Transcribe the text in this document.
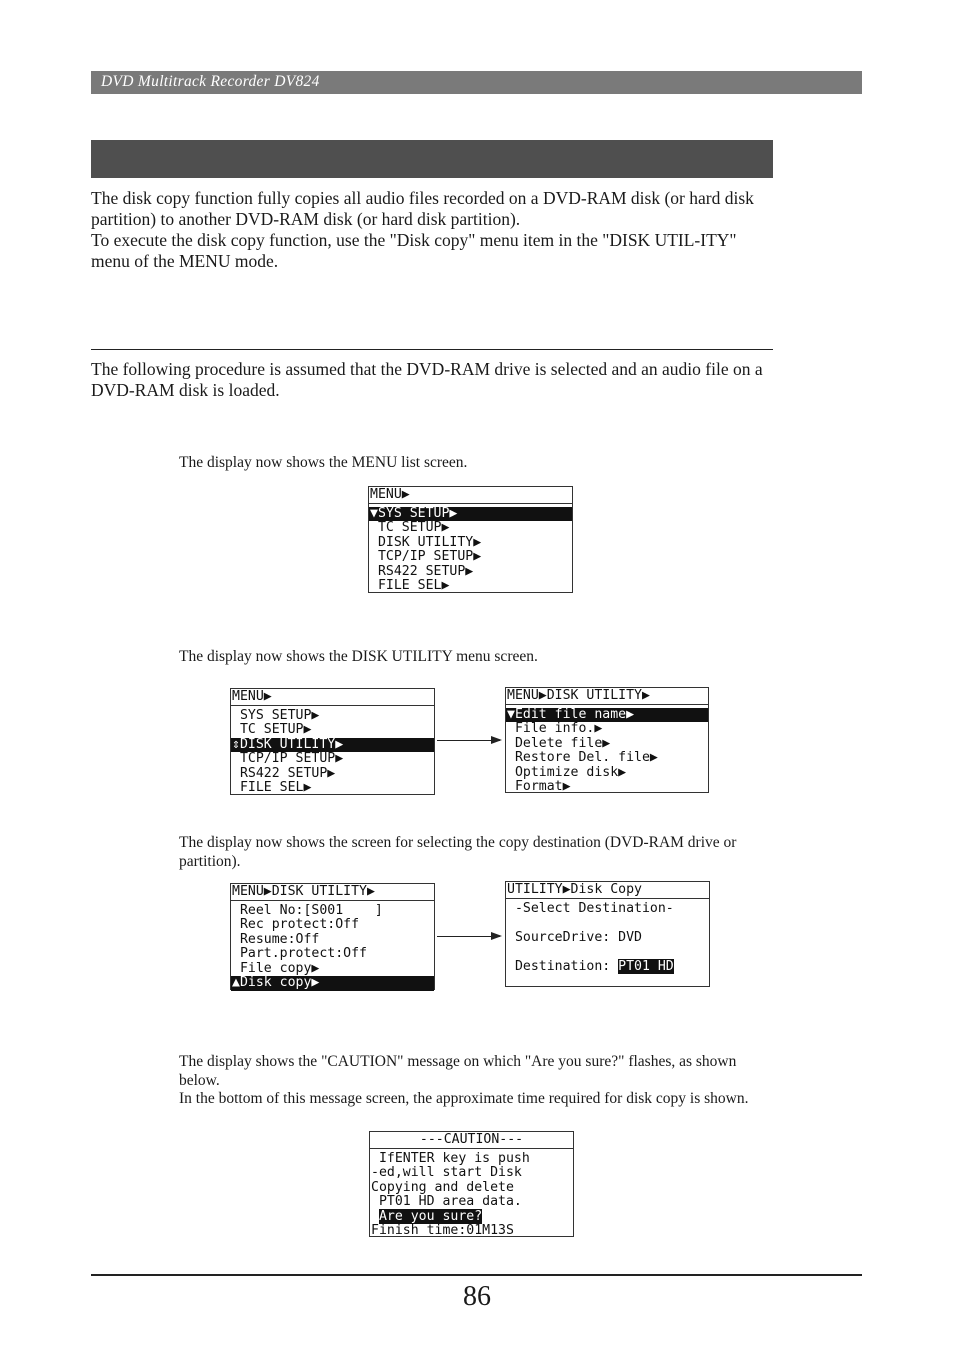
DVD Multitrack Recorder DV824

The disk copy function fully copies all audio files recorded on a DVD-RAM disk (or hard disk partition) to another DVD-RAM disk (or hard disk partition).

To execute the disk copy function, use the "Disk copy" menu item in the "DISK UTIL-ITY" menu of the MENU mode.

The following procedure is assumed that the DVD-RAM drive is selected and an audio file on a DVD-RAM disk is loaded.

The display now shows the MENU list screen.

MENU▶
▼SYS SETUP▶
TC SETUP▶
DISK UTILITY▶
TCP/IP SETUP▶
RS422 SETUP▶
FILE SEL▶

The display now shows the DISK UTILITY menu screen.

MENU▶
SYS SETUP▶
TC SETUP▶
⇕DISK UTILITY▶
TCP/IP SETUP▶
RS422 SETUP▶
FILE SEL▶
MENU▶DISK UTILITY▶
▼Edit file name▶
File info.▶
Delete file▶
Restore Del. file▶
Optimize disk▶
Format▶

The display now shows the screen for selecting the copy destination (DVD-RAM drive or partition).

MENU▶DISK UTILITY▶
Reel No:[S001    ]
Rec protect:Off
Resume:Off
Part.protect:Off
File copy▶
▲Disk copy▶
UTILITY▶Disk Copy
-Select Destination-
SourceDrive: DVD
Destination: PT01 HD

The display shows the "CAUTION" message on which "Are you sure?" flashes, as shown below.

In the bottom of this message screen, the approximate time required for disk copy is shown.

---CAUTION---
IfENTER key is push
-ed,will start Disk
Copying and delete
PT01 HD area data.
Are you sure?
Finish time:01M13S
86
